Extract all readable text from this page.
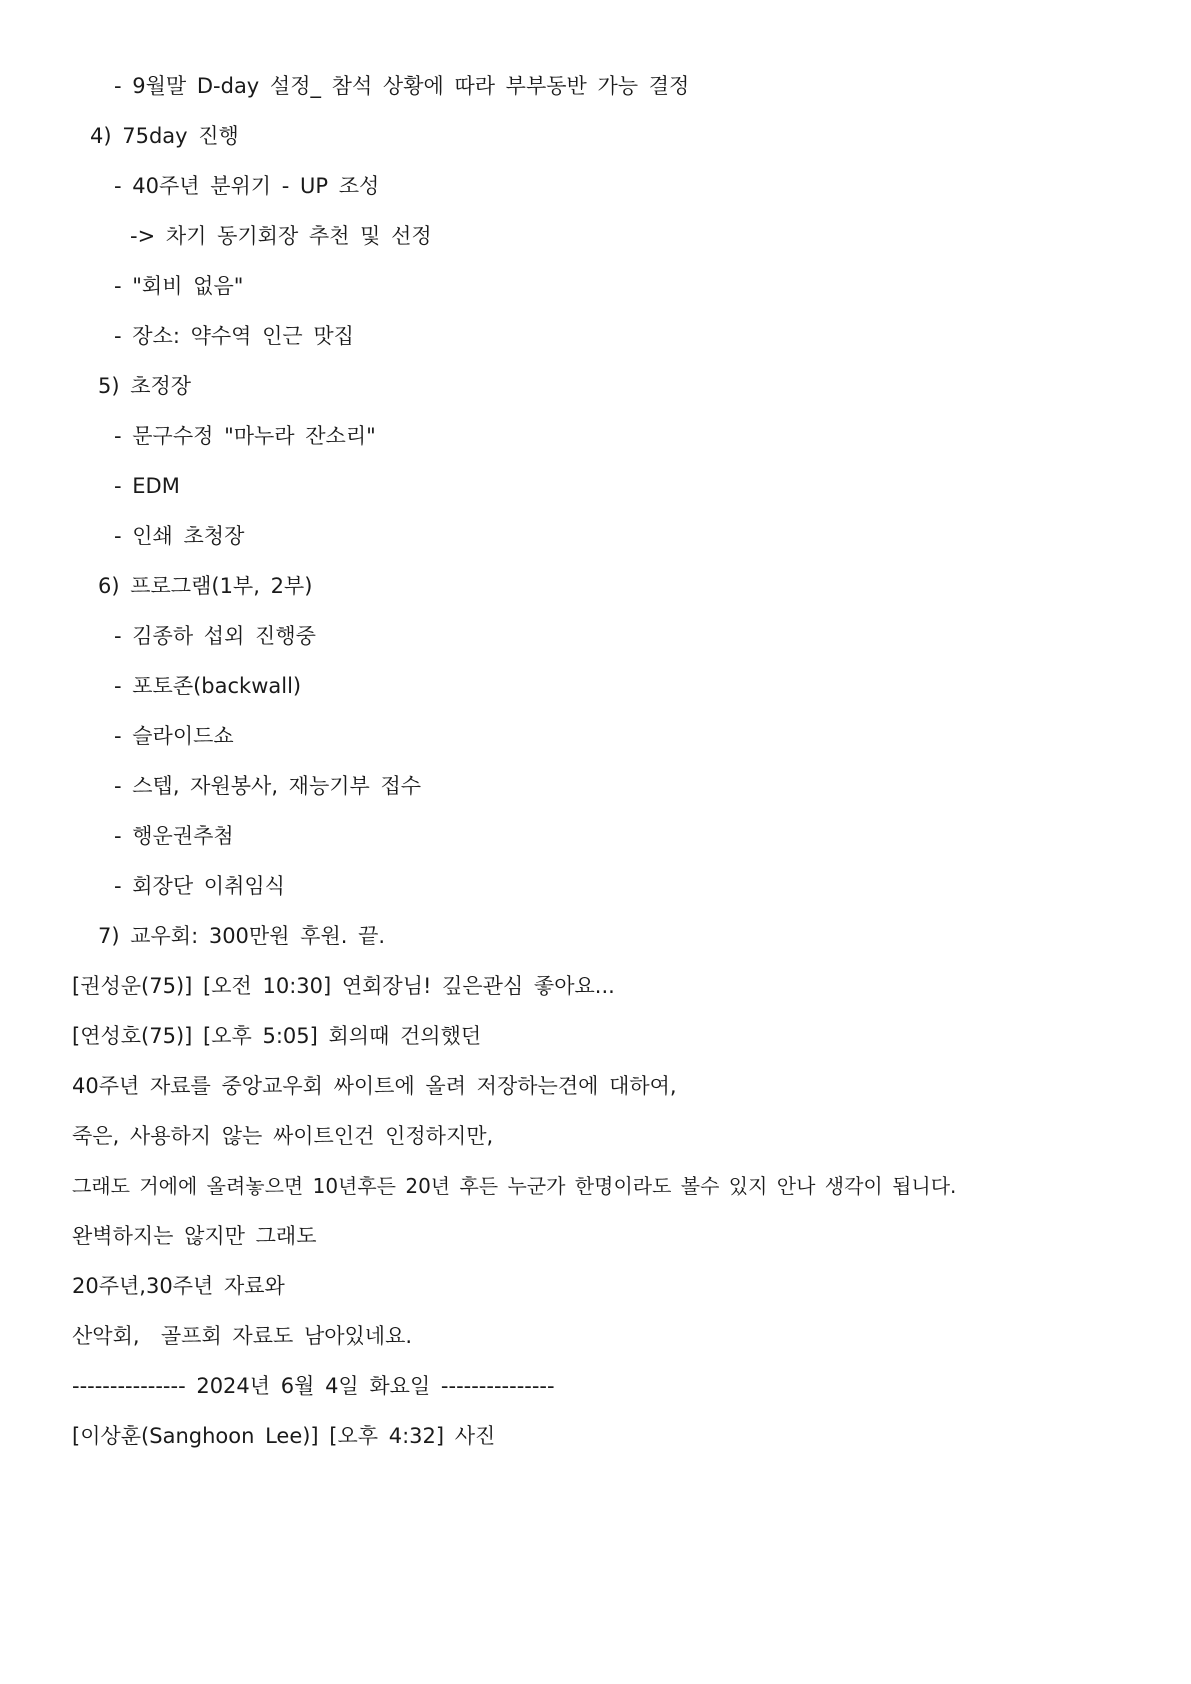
- 9월말 D-day 설정_ 참석 상황에 따라 부부동반 가능 결정
4) 75day 진행
- 40주년 분위기 - UP 조성
-> 차기 동기회장 추천 및 선정
- "회비 없음"
- 장소: 약수역 인근 맛집
5) 초정장
- 문구수정 "마누라 잔소리"
- EDM
- 인쇄 초청장
6) 프로그램(1부, 2부)
- 김종하 섭외 진행중
- 포토존(backwall)
- 슬라이드쇼
- 스텝, 자원봉사, 재능기부 접수
- 행운권추첨
- 회장단 이취임식
7) 교우회: 300만원 후원. 끝.
[권성운(75)] [오전 10:30] 연회장님! 깊은관심 좋아요...
[연성호(75)] [오후 5:05] 회의때 건의했던
40주년 자료를 중앙교우회 싸이트에 올려 저장하는견에 대하여,
죽은, 사용하지 않는 싸이트인건 인정하지만,
그래도 거에에 올려놓으면 10년후든 20년 후든 누군가 한명이라도 볼수 있지 안나 생각이 됩니다.
완벽하지는 않지만 그래도
20주년,30주년 자료와
산악회,  골프회 자료도 남아있네요.
--------------- 2024년 6월 4일 화요일 ---------------
[이상훈(Sanghoon Lee)] [오후 4:32] 사진
